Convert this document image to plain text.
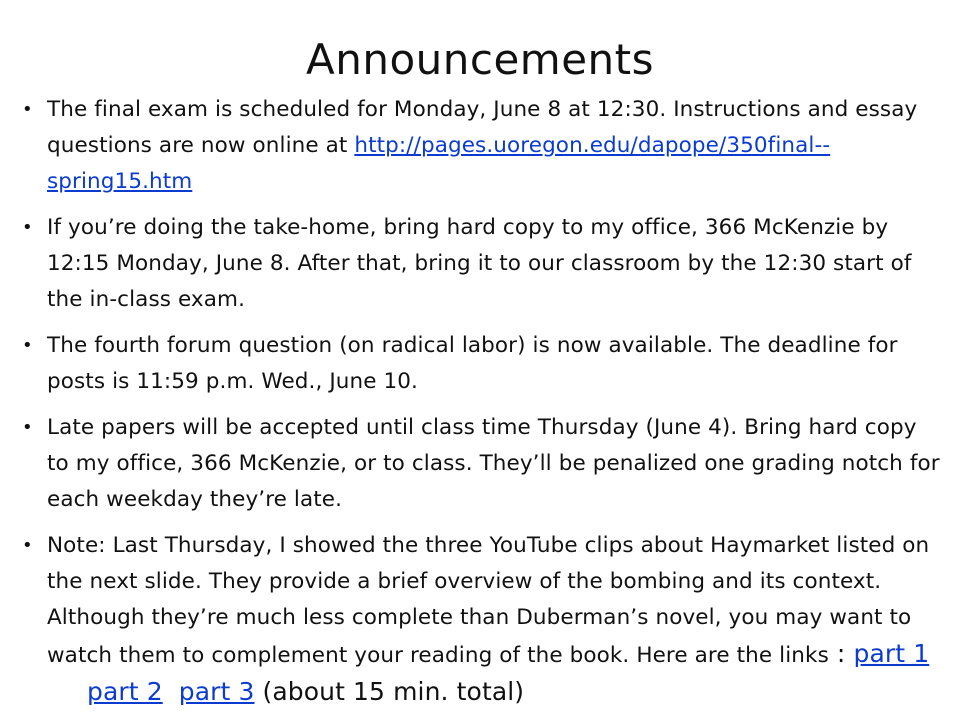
Announcements
• The final exam is scheduled for Monday, June 8 at 12:30. Instructions and essay questions are now online at http://pages.uoregon.edu/dapope/350final--spring15.htm
• If you’re doing the take-home, bring hard copy to my office, 366 McKenzie by 12:15 Monday, June 8. After that, bring it to our classroom by the 12:30 start of the in-class exam.
• The fourth forum question (on radical labor) is now available. The deadline for posts is 11:59 p.m. Wed., June 10.
• Late papers will be accepted until class time Thursday (June 4). Bring hard copy to my office, 366 McKenzie, or to class. They’ll be penalized one grading notch for each weekday they’re late.
• Note: Last Thursday, I showed the three YouTube clips about Haymarket listed on the next slide. They provide a brief overview of the bombing and its context. Although they’re much less complete than Duberman’s novel, you may want to watch them to complement your reading of the book. Here are the links : part 1part 2 part 3 (about 15 min. total)
